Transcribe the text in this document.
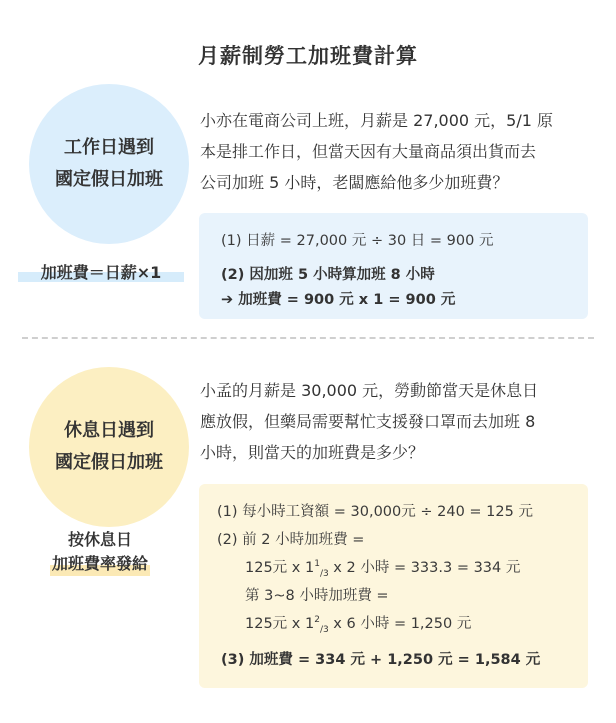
月薪制勞工加班費計算
工作日遇到
國定假日加班
加班費＝日薪×1
小亦在電商公司上班，月薪是 27,000 元，5/1 原
本是排工作日，但當天因有大量商品須出貨而去
公司加班 5 小時，老闆應給他多少加班費？
(1) 日薪 = 27,000 元 ÷ 30 日 = 900 元
(2) 因加班 5 小時算加班 8 小時
➔ 加班費 = 900 元 x 1 = 900 元
休息日遇到
國定假日加班
按休息日
加班費率發給
小孟的月薪是 30,000 元，勞動節當天是休息日
應放假，但藥局需要幫忙支援發口罩而去加班 8
小時，則當天的加班費是多少？
(1) 每小時工資額 = 30,000元 ÷ 240 = 125 元
(2) 前 2 小時加班費 =
125元 x $1^1_{/3}$ x 2 小時 = 333.3 = 334 元
第 3~8 小時加班費 =
125元 x $1^2_{/3}$ x 6 小時 = 1,250 元
(3) 加班費 = 334 元 + 1,250 元 = 1,584 元
